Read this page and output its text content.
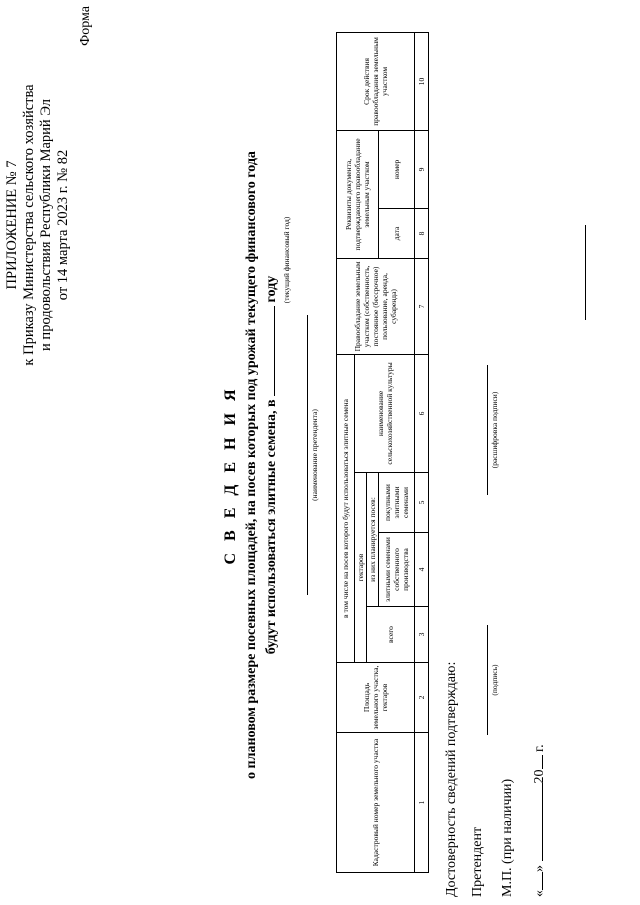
ПРИЛОЖЕНИЕ № 7 к Приказу Министерства сельского хозяйства и продовольствия Республики Марий Эл от 14 марта 2023 г. № 82
Форма
С В Е Д Е Н И Я о плановом размере посевных площадей, на посев которых под урожай текущего финансового года будут использоваться элитные семена, в  году (текущий финансовый год)
(наименование претендента)
Кадастровый номер земельного участка	Площадь земельного участка, гектаров	в том числе на посев которого будут использоваться элитные семена				Правообладание земельным участком (собственность, постоянное (бессрочное) пользование, аренда, субаренда)	Реквизиты документа, подтверждающего правообладание земельным участком		Срок действия правообладания земельным участком
		гектаров			наименование сельскохозяйственной культуры				
		всего	из них планируется посев:						
			элитными семенами собственного производства	покупными элитными семенами			дата	номер	
1	2	3	4	5	6	7	8	9	10
Достоверность сведений подтверждаю: Претендент
(подпись)
(расшифровка подписи)
М.П. (при наличии) «» 20 г.
